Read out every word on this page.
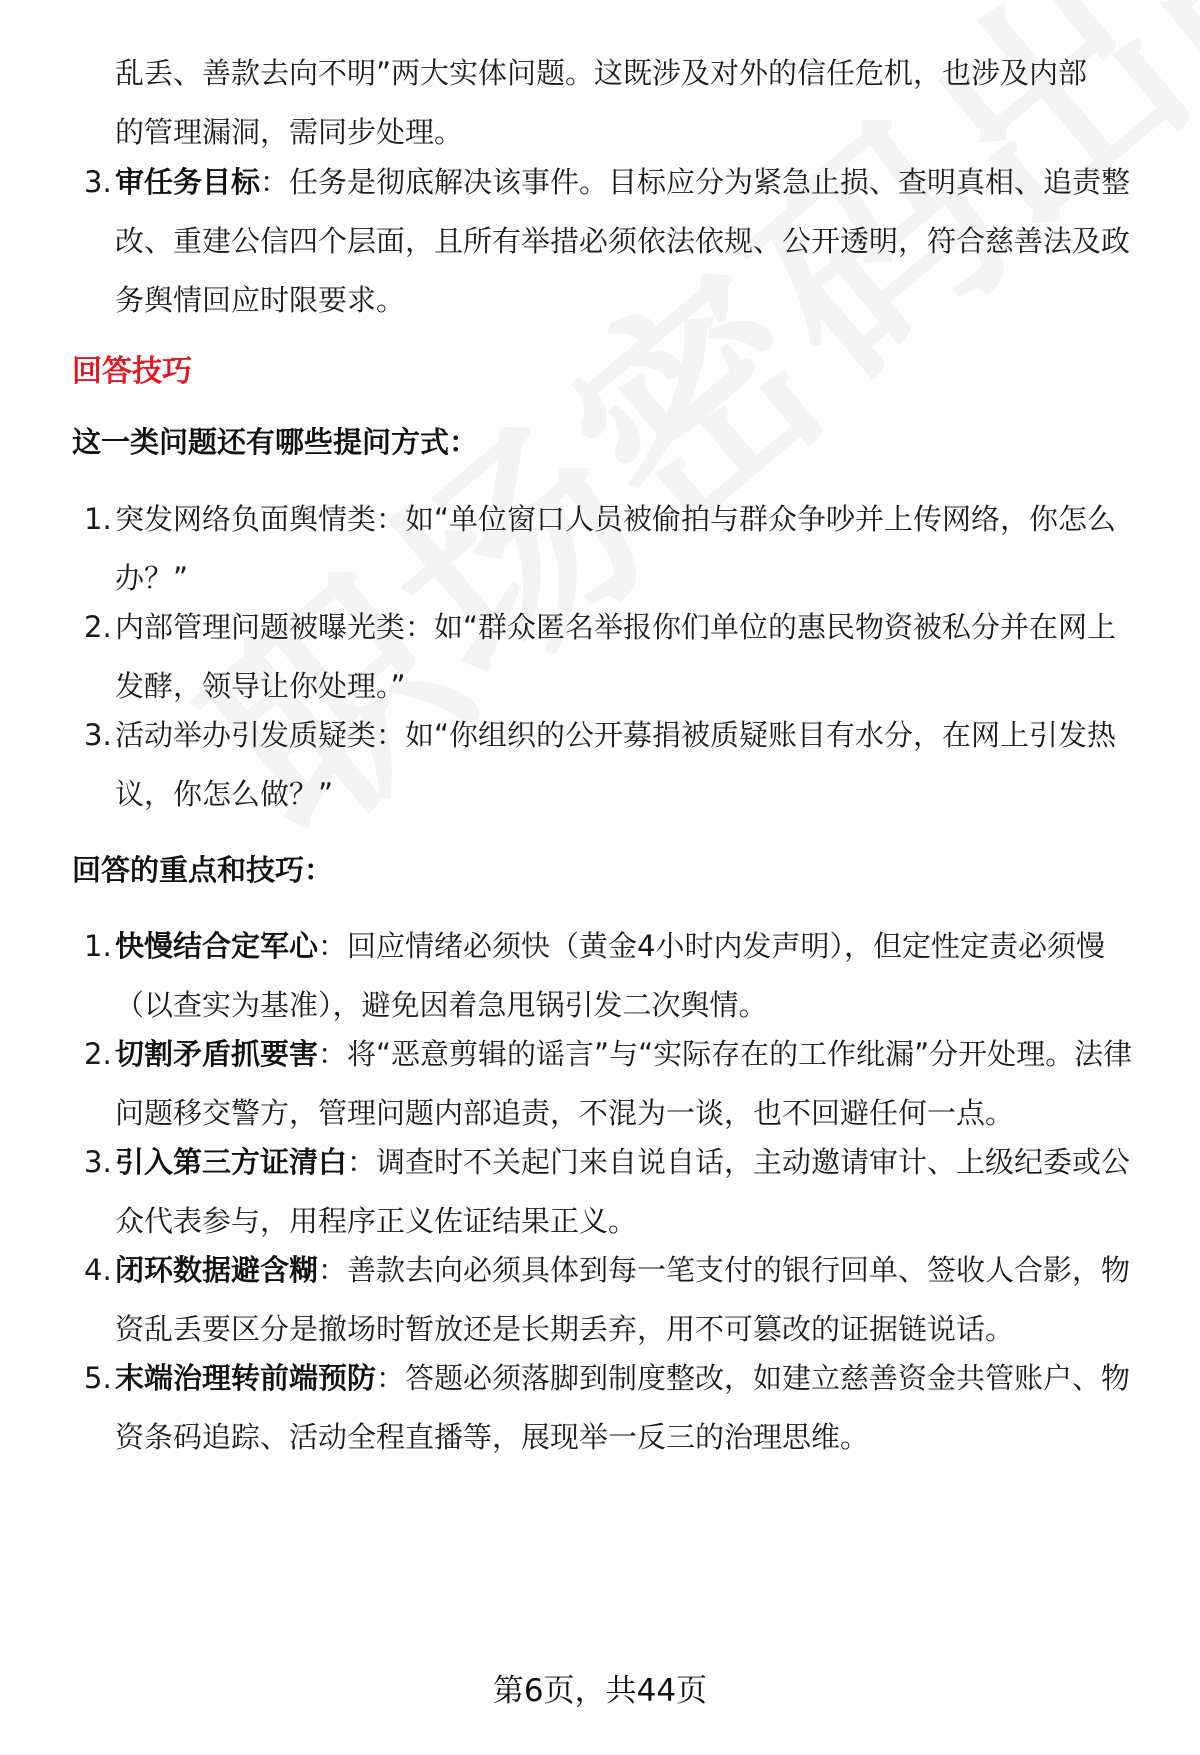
乱丢、善款去向不明”两大实体问题。这既涉及对外的信任危机，也涉及内部
的管理漏洞，需同步处理。
3. 审任务目标：任务是彻底解决该事件。目标应分为紧急止损、查明真相、追责整改、重建公信四个层面，且所有举措必须依法依规、公开透明，符合慈善法及政务舆情回应时限要求。
回答技巧
这一类问题还有哪些提问方式：
1. 突发网络负面舆情类：如“单位窗口人员被偷拍与群众争吵并上传网络，你怎么办？”
2. 内部管理问题被曝光类：如“群众匿名举报你们单位的惠民物资被私分并在网上发酵，领导让你处理。”
3. 活动举办引发质疑类：如“你组织的公开募捐被质疑账目有水分，在网上引发热议，你怎么做？”
回答的重点和技巧：
1. 快慢结合定军心：回应情绪必须快（黄金4小时内发声明），但定性定责必须慢（以查实为基准），避免因着急甩锅引发二次舆情。
2. 切割矛盾抓要害：将“恶意剪辑的谣言”与“实际存在的工作纰漏”分开处理。法律问题移交警方，管理问题内部追责，不混为一谈，也不回避任何一点。
3. 引入第三方证清白：调查时不关起门来自说自话，主动邀请审计、上级纪委或公众代表参与，用程序正义佐证结果正义。
4. 闭环数据避含糊：善款去向必须具体到每一笔支付的银行回单、签收人合影，物资乱丢要区分是撤场时暂放还是长期丢弃，用不可篡改的证据链说话。
5. 末端治理转前端预防：答题必须落脚到制度整改，如建立慈善资金共管账户、物资条码追踪、活动全程直播等，展现举一反三的治理思维。
第6页，共44页
